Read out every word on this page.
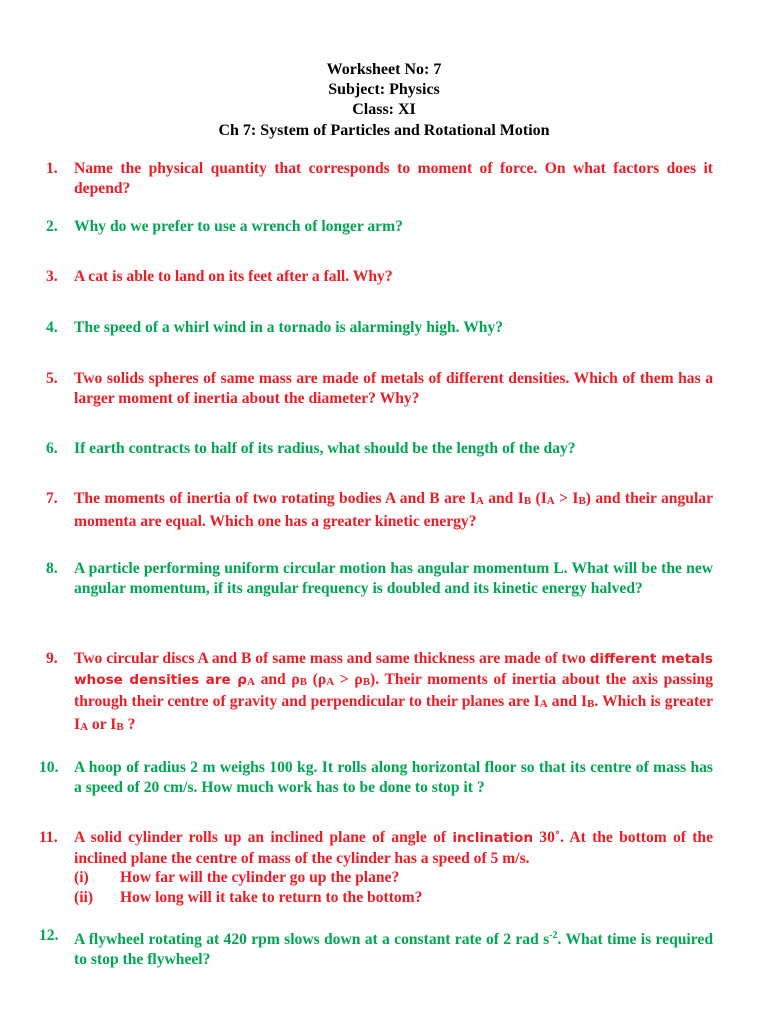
Worksheet No: 7
Subject: Physics
Class: XI
Ch 7: System of Particles and Rotational Motion
1. Name the physical quantity that corresponds to moment of force. On what factors does it depend?
2. Why do we prefer to use a wrench of longer arm?
3. A cat is able to land on its feet after a fall. Why?
4. The speed of a whirl wind in a tornado is alarmingly high. Why?
5. Two solids spheres of same mass are made of metals of different densities. Which of them has a larger moment of inertia about the diameter? Why?
6. If earth contracts to half of its radius, what should be the length of the day?
7. The moments of inertia of two rotating bodies A and B are IA and IB (IA > IB) and their angular momenta are equal. Which one has a greater kinetic energy?
8. A particle performing uniform circular motion has angular momentum L. What will be the new angular momentum, if its angular frequency is doubled and its kinetic energy halved?
9. Two circular discs A and B of same mass and same thickness are made of two different metals whose densities are ρA and ρB (ρA > ρB). Their moments of inertia about the axis passing through their centre of gravity and perpendicular to their planes are IA and IB. Which is greater IA or IB ?
10. A hoop of radius 2 m weighs 100 kg. It rolls along horizontal floor so that its centre of mass has a speed of 20 cm/s. How much work has to be done to stop it ?
11. A solid cylinder rolls up an inclined plane of angle of inclination 30˚. At the bottom of the inclined plane the centre of mass of the cylinder has a speed of 5 m/s.
(i) How far will the cylinder go up the plane?
(ii) How long will it take to return to the bottom?
12. A flywheel rotating at 420 rpm slows down at a constant rate of 2 rad $s^{-2}$. What time is required to stop the flywheel?
